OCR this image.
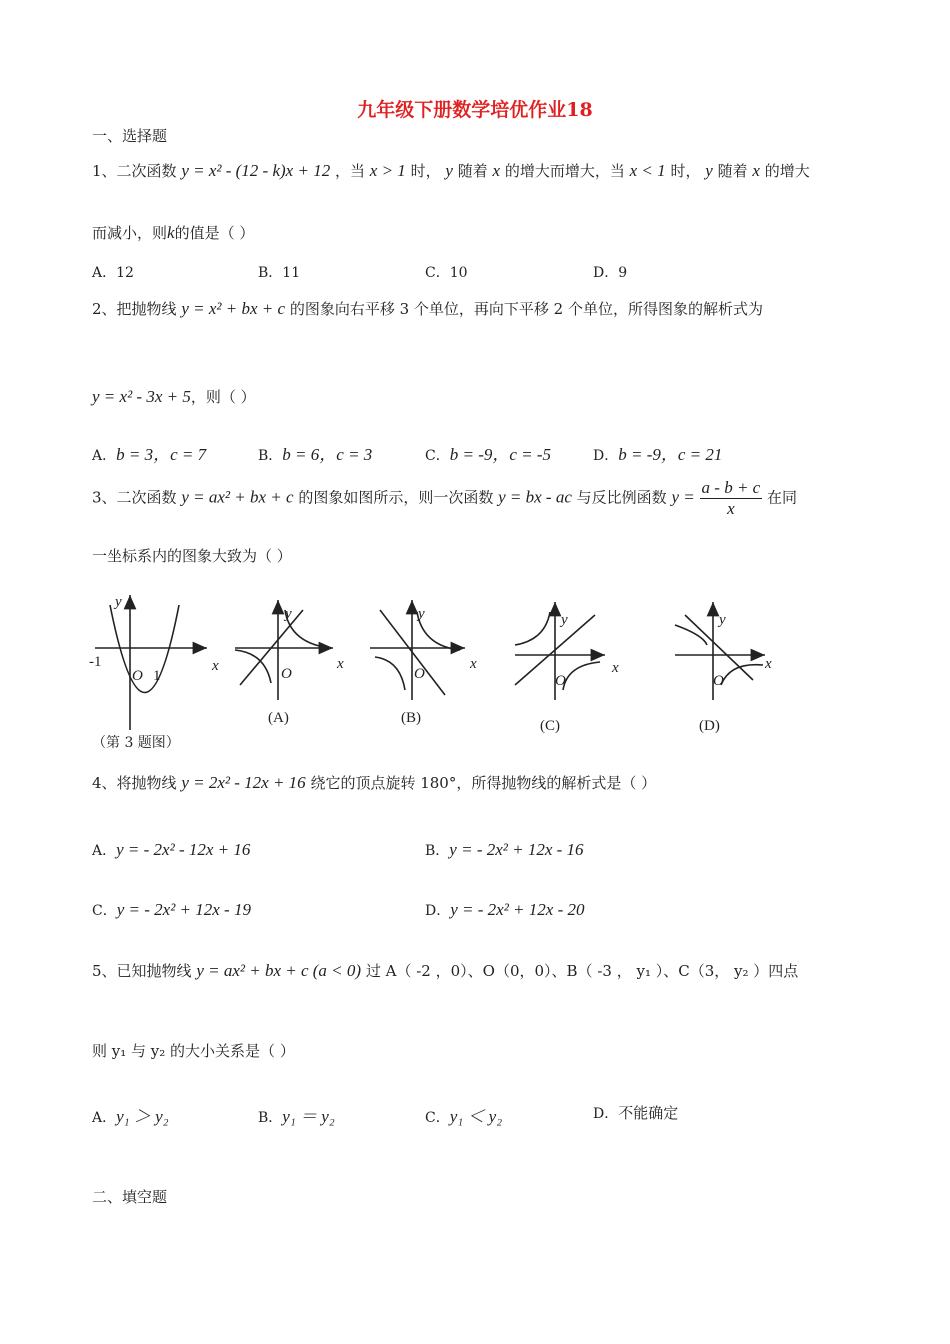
九年级下册数学培优作业18
一、选择题
1、二次函数 y = x² - (12 - k)x + 12 ，当 x > 1 时， y 随着 x 的增大而增大，当 x < 1 时， y 随着 x 的增大
而减小，则k的值是（ ）
A．12	B．11	C．10	D．9
2、把抛物线 y = x² + bx + c 的图象向右平移 3 个单位，再向下平移 2 个单位，所得图象的解析式为
y = x² - 3x + 5，则（ ）
A．b = 3，c = 7	B．b = 6，c = 3	C．b = -9，c = -5	D．b = -9，c = 21
3、二次函数 y = ax² + bx + c 的图象如图所示，则一次函数 y = bx - ac 与反比例函数 $y = \frac{a - b + c}{x}$ 在同
一坐标系内的图象大致为（ ）
y
x
O
y
x
O
y
x
O
y
x
O
y
x
O
-1
1
(A)	(B)	(C)	(D)
（第 3 题图）
4、将抛物线 y = 2x² - 12x + 16 绕它的顶点旋转 180°，所得抛物线的解析式是（ ）
A．y = - 2x² - 12x + 16	B．y = - 2x² + 12x - 16
C．y = - 2x² + 12x - 19	D．y = - 2x² + 12x - 20
5、已知抛物线 y = ax² + bx + c (a < 0) 过 A（ -2 ，0）、O（0，0）、B（ -3 ， y₁ ）、C（3， y₂ ）四点
则 y₁ 与 y₂ 的大小关系是（ ）
A．y₁ ＞ y₂	B．y₁ ＝ y₂	C．y₁ ＜ y₂	D．不能确定
二、填空题
